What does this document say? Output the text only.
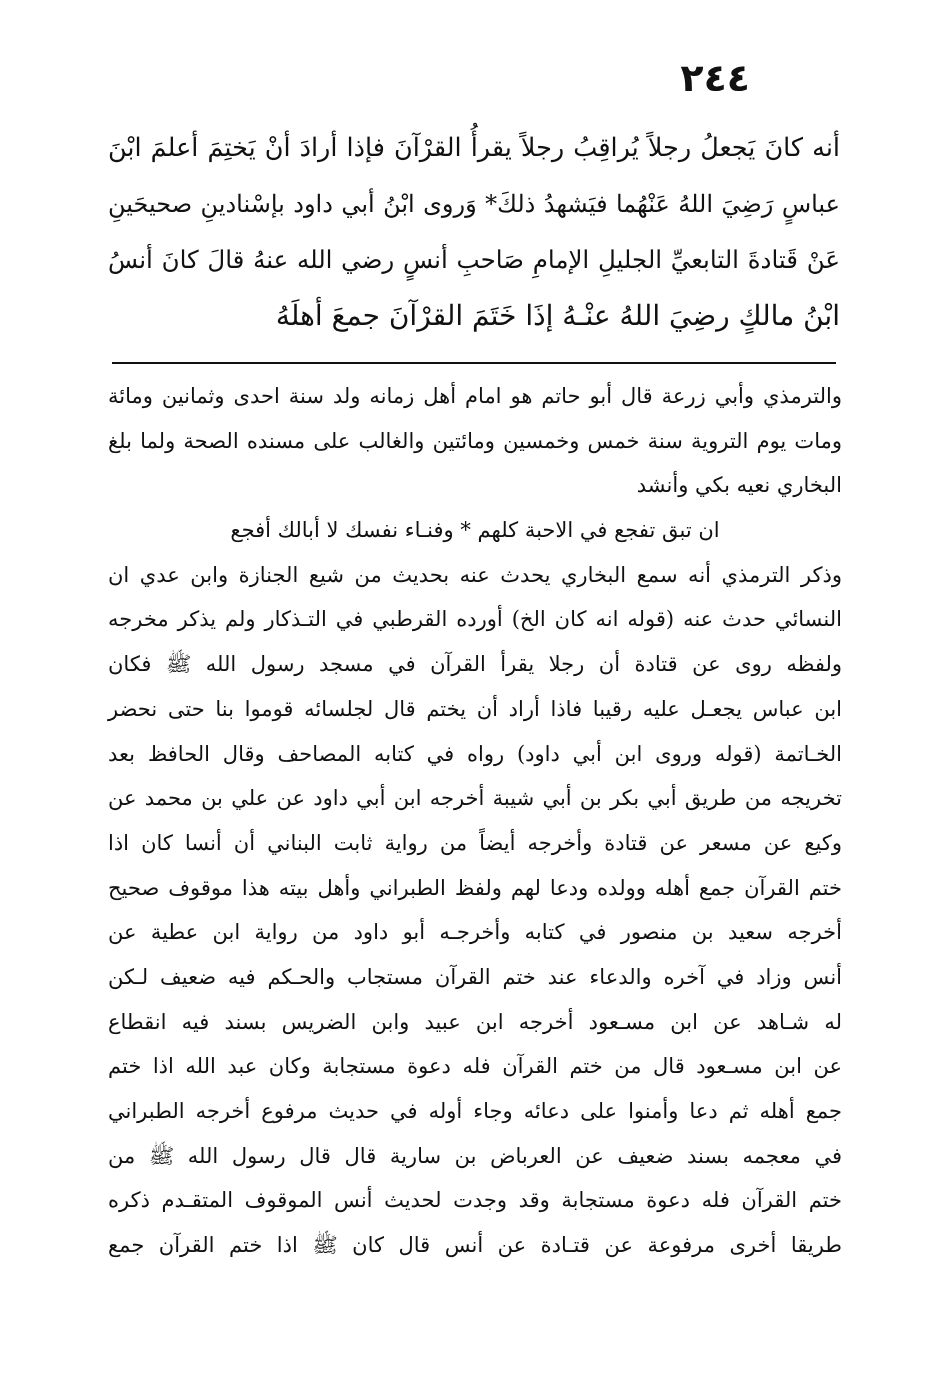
٢٤٤
أنه كانَ يَجعلُ رجلاً يُراقِبُ رجلاً يقرأُ القرْآنَ فإذا أرادَ أنْ يَختِمَ أعلمَ ابْنَ
عباسٍ رَضِيَ اللهُ عَنْهُما فيَشهدُ ذلكَ* وَروى ابْنُ أبي داود بإسْنادينِ صحيحَينِ
عَنْ قَتادةَ التابعيِّ الجليلِ الإمامِ صَاحبِ أنسٍ رضي الله عنهُ قالَ كانَ أنسُ
ابْنُ مالكٍ رضِيَ اللهُ عنْـهُ إذَا خَتَمَ القرْآنَ جمعَ أهلَهُ
والترمذي وأبي زرعة قال أبو حاتم هو امام أهل زمانه ولد سنة احدى وثمانين ومائة
ومات يوم التروية سنة خمس وخمسين ومائتين والغالب على مسنده الصحة ولما بلغ
البخاري نعيه بكي وأنشد
ان تبق تفجع في الاحبة كلهم * وفنـاء نفسك لا أبالك أفجع
وذكر الترمذي أنه سمع البخاري يحدث عنه بحديث من شيع الجنازة وابن عدي ان
النسائي حدث عنه (قوله انه كان الخ) أورده القرطبي في التـذكار ولم يذكر مخرجه
ولفظه روى عن قتادة أن رجلا يقرأ القرآن في مسجد رسول الله ﷺ فكان
ابن عباس يجعـل عليه رقيبا فاذا أراد أن يختم قال لجلسائه قوموا بنا حتى نحضر
الخـاتمة (قوله وروى ابن أبي داود) رواه في كتابه المصاحف وقال الحافظ بعد
تخريجه من طريق أبي بكر بن أبي شيبة أخرجه ابن أبي داود عن علي بن محمد عن
وكيع عن مسعر عن قتادة وأخرجه أيضاً من رواية ثابت البناني أن أنسا كان اذا
ختم القرآن جمع أهله وولده ودعا لهم ولفظ الطبراني وأهل بيته هذا موقوف صحيح
أخرجه سعيد بن منصور في كتابه وأخرجـه أبو داود من رواية ابن عطية عن
أنس وزاد في آخره والدعاء عند ختم القرآن مستجاب والحـكم فيه ضعيف لـكن
له شـاهد عن ابن مسـعود أخرجه ابن عبيد وابن الضريس بسند فيه انقطاع
عن ابن مسـعود قال من ختم القرآن فله دعوة مستجابة وكان عبد الله اذا ختم
جمع أهله ثم دعا وأمنوا على دعائه وجاء أوله في حديث مرفوع أخرجه الطبراني
في معجمه بسند ضعيف عن العرباض بن سارية قال قال رسول الله ﷺ من
ختم القرآن فله دعوة مستجابة وقد وجدت لحديث أنس الموقوف المتقـدم ذكره
طريقا أخرى مرفوعة عن قتـادة عن أنس قال كان ﷺ اذا ختم القرآن جمع
